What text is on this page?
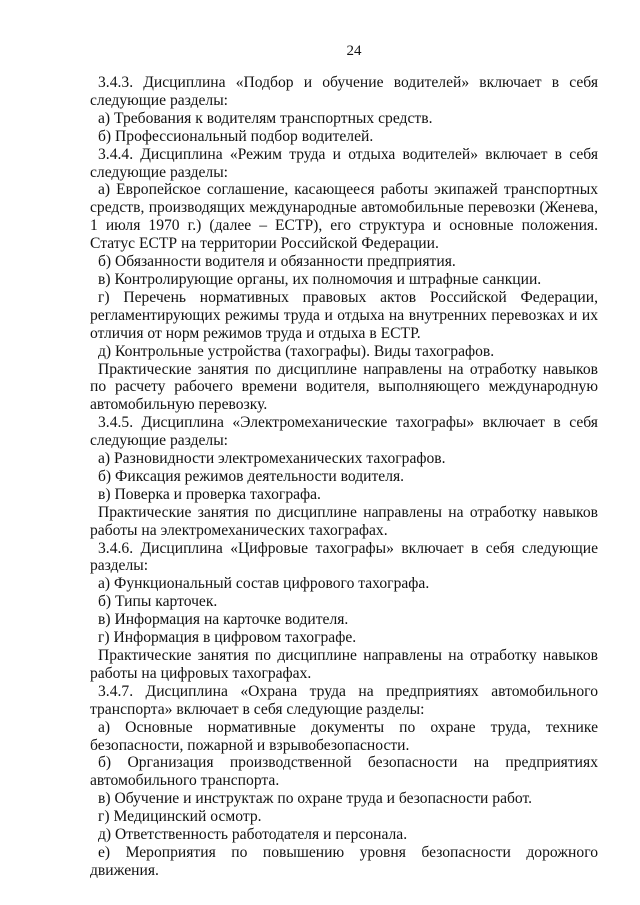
24

3.4.3. Дисциплина «Подбор и обучение водителей» включает в себя следующие разделы:

а) Требования к водителям транспортных средств.

б) Профессиональный подбор водителей.

3.4.4. Дисциплина «Режим труда и отдыха водителей» включает в себя следующие разделы:

а) Европейское соглашение, касающееся работы экипажей транспортных средств, производящих международные автомобильные перевозки (Женева, 1 июля 1970 г.) (далее – ЕСТР), его структура и основные положения. Статус ЕСТР на территории Российской Федерации.

б) Обязанности водителя и обязанности предприятия.

в) Контролирующие органы, их полномочия и штрафные санкции.

г) Перечень нормативных правовых актов Российской Федерации, регламентирующих режимы труда и отдыха на внутренних перевозках и их отличия от норм режимов труда и отдыха в ЕСТР.

д) Контрольные устройства (тахографы). Виды тахографов.

Практические занятия по дисциплине направлены на отработку навыков по расчету рабочего времени водителя, выполняющего международную автомобильную перевозку.

3.4.5. Дисциплина «Электромеханические тахографы» включает в себя следующие разделы:

а) Разновидности электромеханических тахографов.

б) Фиксация режимов деятельности водителя.

в) Поверка и проверка тахографа.

Практические занятия по дисциплине направлены на отработку навыков работы на электромеханических тахографах.

3.4.6. Дисциплина «Цифровые тахографы» включает в себя следующие разделы:

а) Функциональный состав цифрового тахографа.

б) Типы карточек.

в) Информация на карточке водителя.

г) Информация в цифровом тахографе.

Практические занятия по дисциплине направлены на отработку навыков работы на цифровых тахографах.

3.4.7. Дисциплина «Охрана труда на предприятиях автомобильного транспорта» включает в себя следующие разделы:

а) Основные нормативные документы по охране труда, технике безопасности, пожарной и взрывобезопасности.

б) Организация производственной безопасности на предприятиях автомобильного транспорта.

в) Обучение и инструктаж по охране труда и безопасности работ.

г) Медицинский осмотр.

д) Ответственность работодателя и персонала.

е) Мероприятия по повышению уровня безопасности дорожного движения.
